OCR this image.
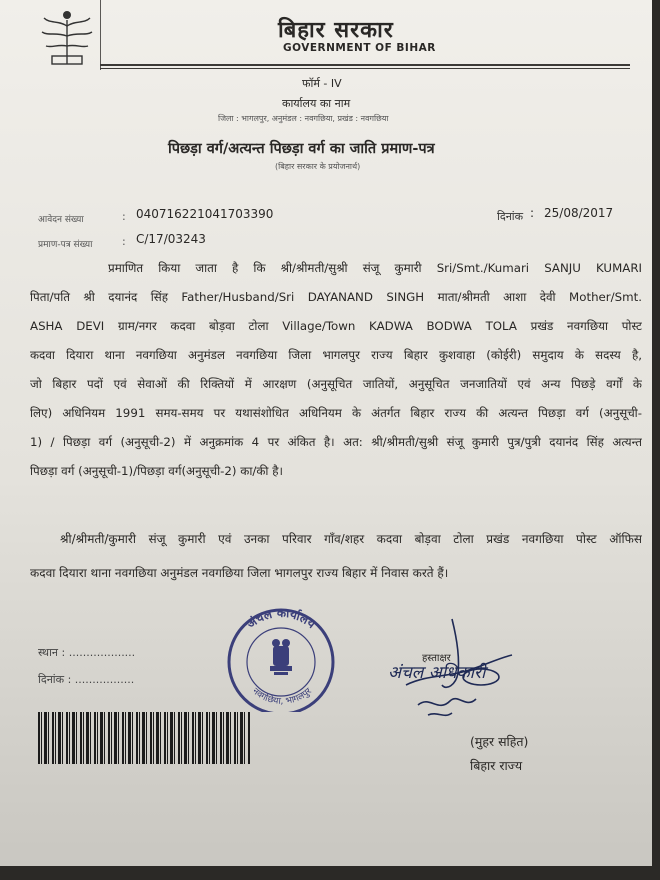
बिहार सरकार
GOVERNMENT OF BIHAR
फॉर्म - IV
कार्यालय का नाम
जिला : भागलपुर, अनुमंडल : नवगछिया, प्रखंड : नवगछिया
पिछड़ा वर्ग/अत्यन्त पिछड़ा वर्ग का जाति प्रमाण-पत्र
(बिहार सरकार के प्रयोजनार्थ)
आवेदन संख्या	: 040716221041703390	दिनांक : 25/08/2017
प्रमाण-पत्र संख्या	: C/17/03243
प्रमाणित किया जाता है कि श्री/श्रीमती/सुश्री संजू कुमारी Sri/Smt./Kumari SANJU KUMARI
पिता/पति श्री दयानंद सिंह Father/Husband/Sri DAYANAND SINGH माता/श्रीमती आशा देवी Mother/Smt.
ASHA DEVI ग्राम/नगर कदवा बोड़वा टोला Village/Town KADWA BODWA TOLA प्रखंड नवगछिया पोस्ट
कदवा दियारा थाना नवगछिया अनुमंडल नवगछिया जिला भागलपुर राज्य बिहार कुशवाहा (कोईरी) समुदाय के सदस्य है,
जो बिहार पदों एवं सेवाओं की रिक्तियों में आरक्षण (अनुसूचित जातियों, अनुसूचित जनजातियों एवं अन्य पिछड़े वर्गों के
लिए) अधिनियम 1991 समय-समय पर यथासंशोधित अधिनियम के अंतर्गत बिहार राज्य की अत्यन्त पिछड़ा वर्ग (अनुसूची-
1) / पिछड़ा वर्ग (अनुसूची-2) में अनुक्रमांक 4 पर अंकित है। अत: श्री/श्रीमती/सुश्री संजू कुमारी पुत्र/पुत्री दयानंद सिंह अत्यन्त
पिछड़ा वर्ग (अनुसूची-1)/पिछड़ा वर्ग(अनुसूची-2) का/की है।
श्री/श्रीमती/कुमारी संजू कुमारी एवं उनका परिवार गाँव/शहर कदवा बोड़वा टोला प्रखंड नवगछिया पोस्ट ऑफिस
कदवा दियारा थाना नवगछिया अनुमंडल नवगछिया जिला भागलपुर राज्य बिहार में निवास करते हैं।
स्थान : ...................
दिनांक : .................
अंचल कार्यालय
नवगछिया, भागलपुर
हस्ताक्षर
अंचल अधिकारी
(मुहर सहित)
बिहार राज्य
